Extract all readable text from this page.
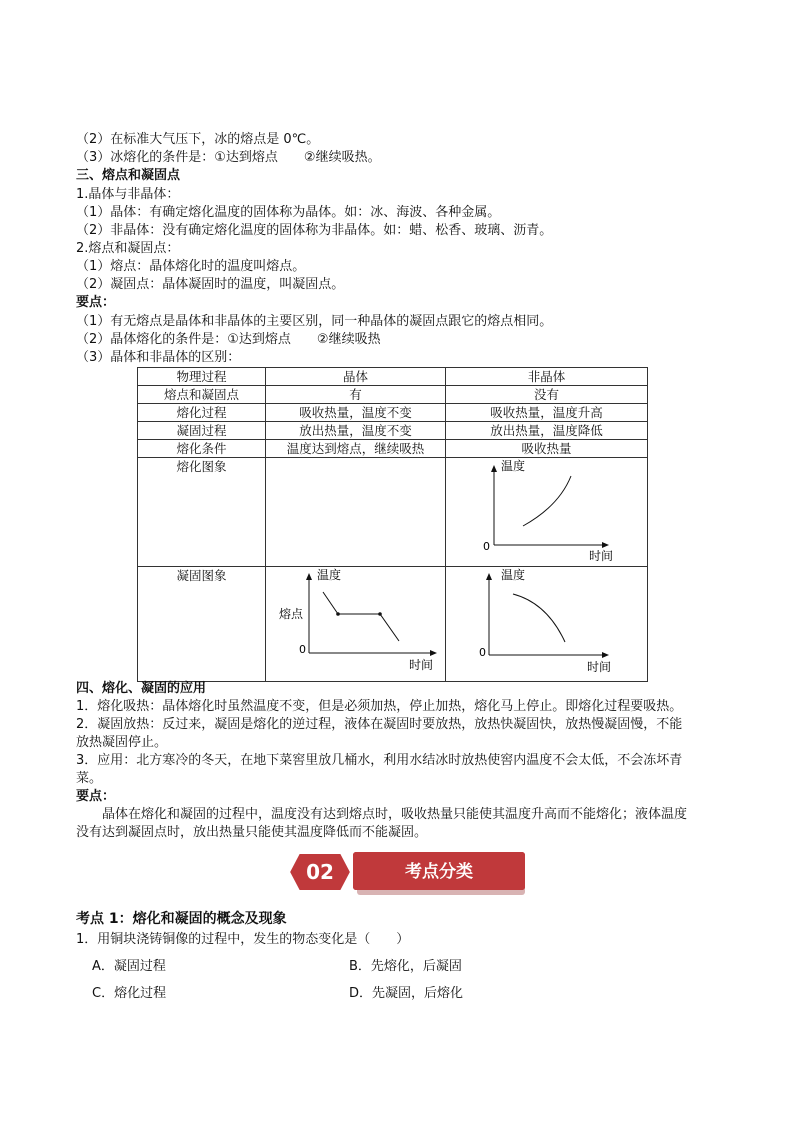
（2）在标准大气压下，冰的熔点是 0℃。
（3）冰熔化的条件是：①达到熔点　　②继续吸热。
三、熔点和凝固点
1.晶体与非晶体：
（1）晶体：有确定熔化温度的固体称为晶体。如：冰、海波、各种金属。
（2）非晶体：没有确定熔化温度的固体称为非晶体。如：蜡、松香、玻璃、沥青。
2.熔点和凝固点：
（1）熔点：晶体熔化时的温度叫熔点。
（2）凝固点：晶体凝固时的温度，叫凝固点。
要点：
（1）有无熔点是晶体和非晶体的主要区别，同一种晶体的凝固点跟它的熔点相同。
（2）晶体熔化的条件是：①达到熔点　　②继续吸热
（3）晶体和非晶体的区别：
物理过程	晶体	非晶体
熔点和凝固点	有	没有
熔化过程	吸收热量，温度不变	吸收热量，温度升高
凝固过程	放出热量，温度不变	放出热量，温度降低
熔化条件	温度达到熔点，继续吸热	吸收热量
熔化图象		温度
0
时间

凝固图象	温度
熔点
0
时间	温度
0
时间
四、熔化、凝固的应用
1．熔化吸热：晶体熔化时虽然温度不变，但是必须加热，停止加热，熔化马上停止。即熔化过程要吸热。
2．凝固放热：反过来，凝固是熔化的逆过程，液体在凝固时要放热，放热快凝固快，放热慢凝固慢，不能
放热凝固停止。
3．应用：北方寒冷的冬天，在地下菜窖里放几桶水，利用水结冰时放热使窖内温度不会太低，不会冻坏青
菜。
要点：
　　晶体在熔化和凝固的过程中，温度没有达到熔点时，吸收热量只能使其温度升高而不能熔化；液体温度
没有达到凝固点时，放出热量只能使其温度降低而不能凝固。
02	考点分类
考点 1：熔化和凝固的概念及现象
1．用铜块浇铸铜像的过程中，发生的物态变化是（　　）
A．凝固过程	B．先熔化，后凝固
C．熔化过程	D．先凝固，后熔化
